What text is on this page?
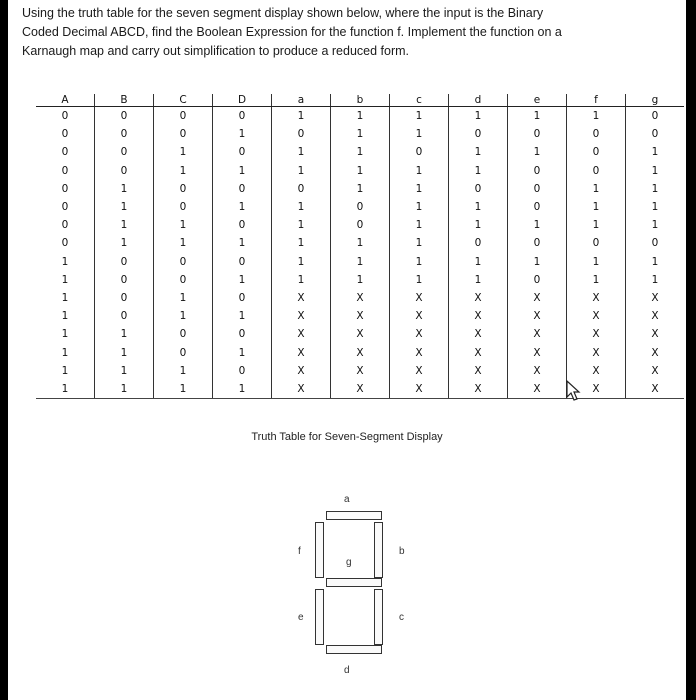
Using the truth table for the seven segment display shown below, where the input is the Binary
Coded Decimal ABCD, find the Boolean Expression for the function f. Implement the function on a
Karnaugh map and carry out simplification to produce a reduced form.

A	B	C	D	a	b	c	d	e	f	g
0	0	0	0	1	1	1	1	1	1	0
0	0	0	1	0	1	1	0	0	0	0
0	0	1	0	1	1	0	1	1	0	1
0	0	1	1	1	1	1	1	0	0	1
0	1	0	0	0	1	1	0	0	1	1
0	1	0	1	1	0	1	1	0	1	1
0	1	1	0	1	0	1	1	1	1	1
0	1	1	1	1	1	1	0	0	0	0
1	0	0	0	1	1	1	1	1	1	1
1	0	0	1	1	1	1	1	0	1	1
1	0	1	0	X	X	X	X	X	X	X
1	0	1	1	X	X	X	X	X	X	X
1	1	0	0	X	X	X	X	X	X	X
1	1	0	1	X	X	X	X	X	X	X
1	1	1	0	X	X	X	X	X	X	X
1	1	1	1	X	X	X	X	X	X	X
Truth Table for Seven-Segment Display
a
b
c
d
e
f
g
